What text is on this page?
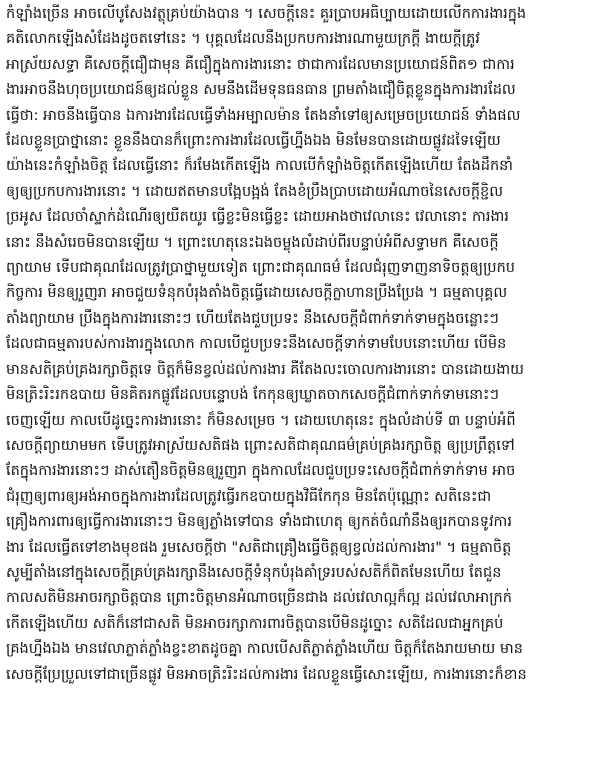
កំឡាំងច្រើន អាចលើបូសែងវត្ថុគ្រប់យ៉ាងបាន ។ សេចក្តីនេះ គួរប្រាបអធិប្បាយដោយលើកការងារក្នុង
គតិលោកឡើងសំដែងដូចតទៅនេះ ។ បុគ្គលដែលនឹងប្រកបការងារណាមួយក្រក្តី ងាយក្តីត្រូវ
អាស្រ័យសទ្ធា គឺសេចក្តីជឿជាមុន គឺជឿក្នុងការងារនោះ ថាជាការដែលមានប្រយោជន៍ពិត១ ជាការ
ងារអាចនឹងហុចប្រយោជន៍ឲ្យដល់ខ្លួន សមនឹងដើមទុនធនធាន ព្រមតាំងជឿចិត្តខ្លួនក្នុងការងារដែល
ធ្វើថា: អាចនឹងធ្វើបាន ឯការងារដែលធ្វើទាំងអម្បាលម៉ាន តែងនាំទៅឲ្យសម្រេចប្រយោជន៍ ទាំងផល
ដែលខ្លួនប្រាថ្នានោះ ខ្លួននឹងបានក៏ព្រោះការងារដែលធ្វើហ្នឹងឯង មិនមែនបានដោយផ្លូវដទៃឡើយ
យ៉ាងនេះកំឡាំងចិត្ត ដែលធ្វើនោះ ក៏រមែងកើតឡើង កាលបើកំឡាំងចិត្តកើតឡើងហើយ តែងដឹកនាំ
ឲ្យឲ្យប្រកបការងារនោះ ។ ដោយឥតមានបង្អែបង្អង់ តែងខំប្រឹងប្រាបដោយអំណាចនៃសេចក្តីខ្ជិល
ច្រអូស ដែលចាំស្ទាក់ដំណើរឲ្យយឺតយូរ ធ្វើខ្លះមិនធ្វើខ្លះ ដោយអាងថាវេលានេះ វេលានោះ ការងារ
នោះ នឹងសំរេចមិនបានឡើយ ។ ព្រោះហេតុនេះឯងចម្លុងលំដាប់ពីរបន្ទាប់អំពីសទ្ធាមក គឺសេចក្តី
ព្យាយាម ទើបជាគុណដែលត្រូវប្រាថ្នាមួយទៀត ព្រោះជាគុណធម៌ ដែលជំរុញទាញនាទិចត្តឲ្យប្រកប
កិច្ចការ មិនឲ្យរួញរា អាចជួយទំនុកបំរុងតាំងចិត្តធ្វើដោយសេចក្តីក្លាហានប្រឹងប្រែង ។ ធម្មតាបុគ្គល
តាំងព្យាយាម ប្រឹងក្នុងការងារនោះៗ ហើយតែងជួបប្រទះ នឹងសេចក្តីជំពាក់ទាក់ទាមក្នុងចន្លោះៗ
ដែលជាធម្មតារបស់ការងារក្នុងលោក កាលបើជួបប្រទះនឹងសេចក្តីទាក់ទាមបែបនោះហើយ បើមិន
មានសតិគ្រប់គ្រងរក្សាចិត្តទេ ចិត្តក៏មិនខ្វល់ដល់ការងារ គឺតែងលះចោលការងារនោះ បានដោយងាយ
មិនត្រិះរិះរកឧបាយ មិនគិតរកផ្លូវដែលបន្ទោបង់ កែកុនឲ្យឃ្លាតចាកសេចក្តីជំពាក់ទាក់ទាមនោះៗ
ចេញឡើយ កាលបើដូច្នេះការងារនោះ ក៏មិនសម្រេច ។ ដោយហេតុនេះ ក្នុងលំដាប់ទី ៣ បន្ទាប់អំពី
សេចក្តីព្យាយាមមក ទើបត្រូវអាស្រ័យសតិផង ព្រោះសតិជាគុណធម៌គ្រប់គ្រងរក្សាចិត្ត ឲ្យប្រព្រឹត្តទៅ
តែក្នុងការងារនោះៗ ដាស់តឿនចិត្តមិនឲ្យរួញរា ក្នុងកាលដែលជួបប្រទះសេចក្តីជំពាក់ទាក់ទាម អាច
ជំរុញឲ្យពារឲ្យអង់អាចក្នុងការងារដែលត្រូវធ្វើរកឧបាយក្នុងវិធីកែកុន មិនតែប៉ុណ្ណោះ សតិនេះជា
គ្រឿងការពារឲ្យធ្វើការងារនោះៗ មិនឲ្យភ្លាំងទៅបាន ទាំងជាហេតុ ឲ្យកត់ចំណាំនឹងឲ្យរកបានទូវការ
ងារ ដែលធ្វើតទៅខាងមុខផង រួមសេចក្តីថា "សតិជាគ្រឿងធ្វើចិត្តឲ្យខ្វល់ដល់ការងារ" ។ ធម្មតាចិត្ត
សូម្បីតាំងនៅក្នុងសេចក្តីគ្រប់គ្រងរក្សានឹងសេចក្តីទំនុកបំរុងគាំទ្ររបស់សតិក៏ពិតមែនហើយ តែជួន
កាលសតិមិនអាចរក្សាចិត្តបាន ព្រោះចិត្តមានអំណាចច្រើនជាង ដល់វេលាល្អក៏ល្អ ដល់វេលាអាក្រក់
កើតឡើងហើយ សតិក៏នៅជាសតិ មិនអាចរក្សាការពារចិត្តបានបើមិនដូច្នោះ សតិដែលជាអ្នកគ្រប់
គ្រងហ្នឹងឯង មានវេលាភ្លាត់ភ្លាំងខ្វះខាតដូចគ្នា កាលបើសតិភ្លាត់ភ្លាំងហើយ ចិត្តក៏តែងរាយមាយ មាន
សេចក្តីប្រែប្រួលទៅជាច្រើនផ្លូវ មិនអាចត្រិះរិះដល់ការងារ ដែលខ្លួនធ្វើសោះឡើយ, ការងារនោះក៏ខាន
